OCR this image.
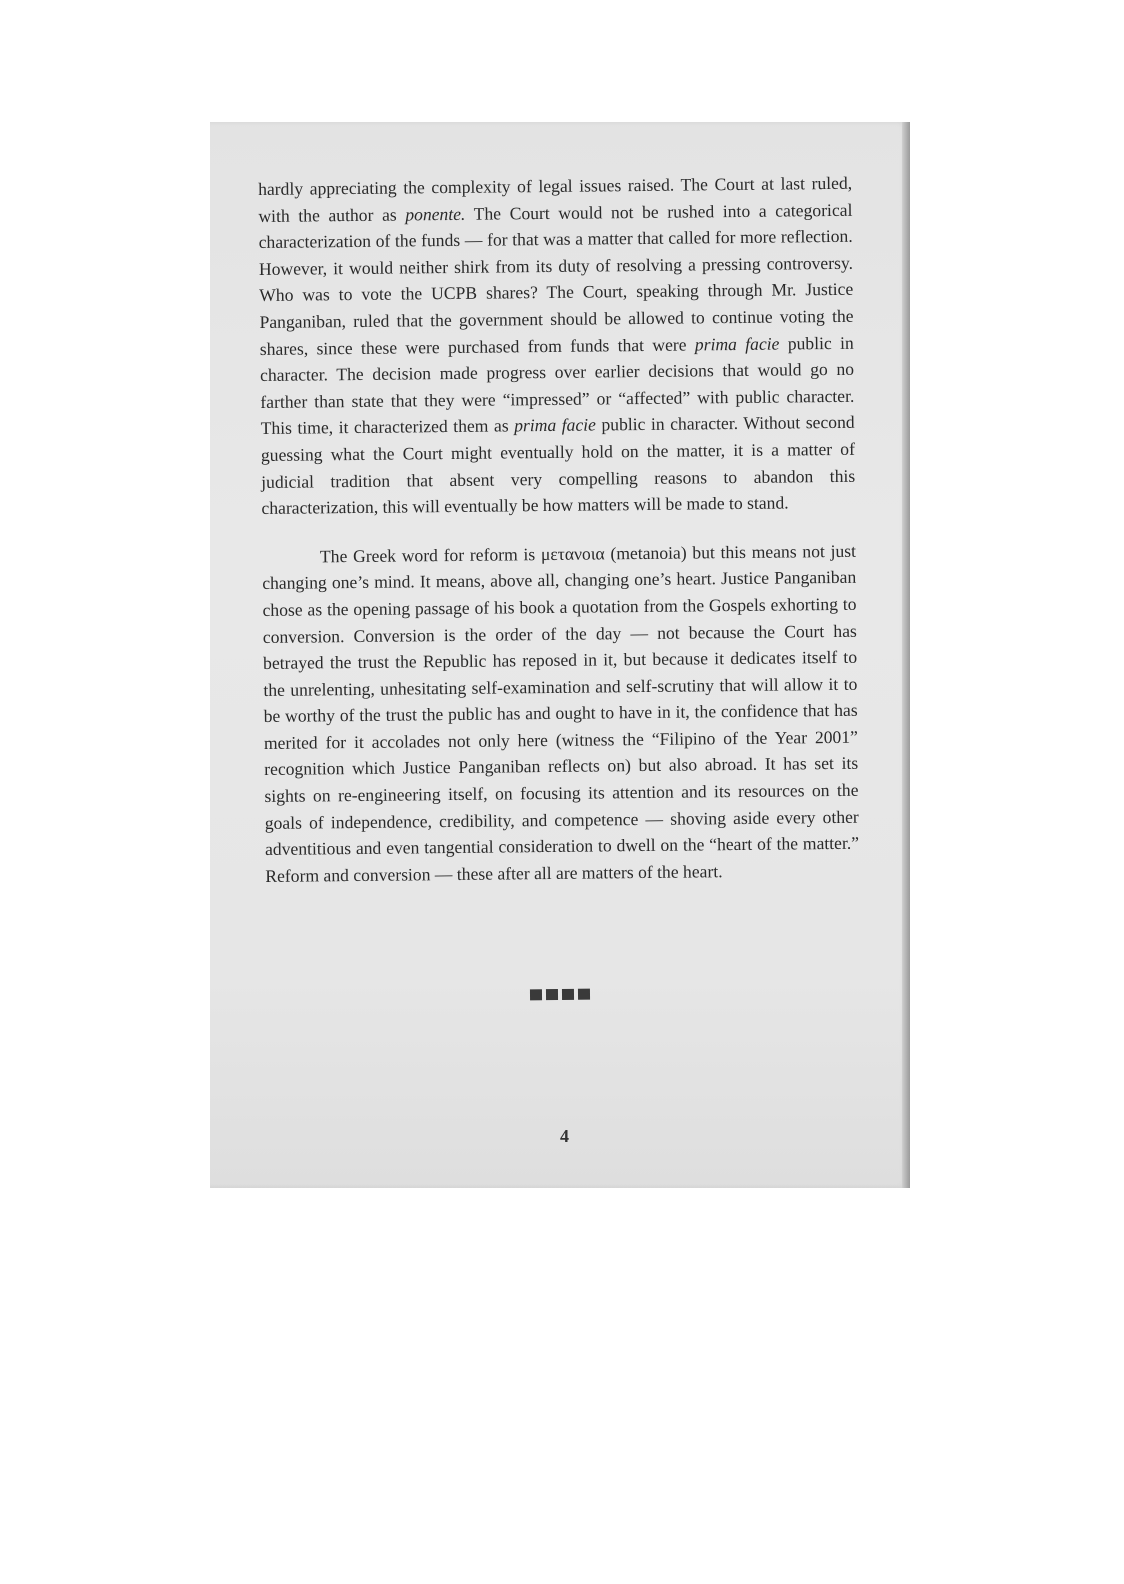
hardly appreciating the complexity of legal issues raised. The Court at last ruled, with the author as ponente. The Court would not be rushed into a categorical characterization of the funds — for that was a matter that called for more reflection. However, it would neither shirk from its duty of resolving a pressing controversy. Who was to vote the UCPB shares? The Court, speaking through Mr. Justice Panganiban, ruled that the government should be allowed to continue voting the shares, since these were purchased from funds that were prima facie public in character. The decision made progress over earlier decisions that would go no farther than state that they were “impressed” or “affected” with public character. This time, it characterized them as prima facie public in character. Without second guessing what the Court might eventually hold on the matter, it is a matter of judicial tradition that absent very compelling reasons to abandon this characterization, this will eventually be how matters will be made to stand.

The Greek word for reform is μετανοια (metanoia) but this means not just changing one’s mind. It means, above all, changing one’s heart. Justice Panganiban chose as the opening passage of his book a quotation from the Gospels exhorting to conversion. Conversion is the order of the day — not because the Court has betrayed the trust the Republic has reposed in it, but because it dedicates itself to the unrelenting, unhesitating self-examination and self-scrutiny that will allow it to be worthy of the trust the public has and ought to have in it, the confidence that has merited for it accolades not only here (witness the “Filipino of the Year 2001” recognition which Justice Panganiban reflects on) but also abroad. It has set its sights on re-engineering itself, on focusing its attention and its resources on the goals of independence, credibility, and competence — shoving aside every other adventitious and even tangential consideration to dwell on the “heart of the matter.” Reform and conversion — these after all are matters of the heart.

4
